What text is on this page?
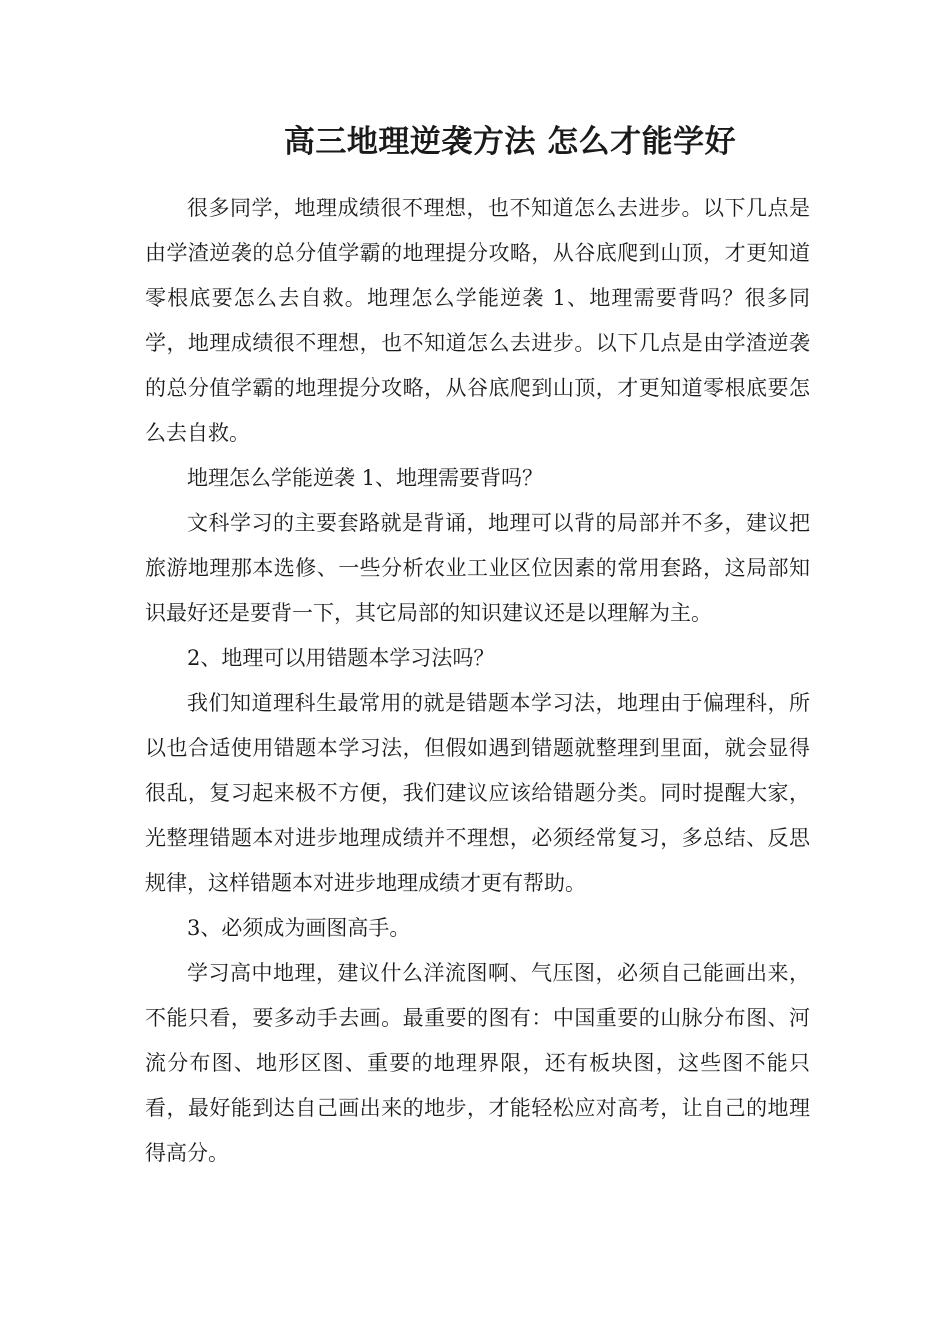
高三地理逆袭方法 怎么才能学好

很多同学，地理成绩很不理想，也不知道怎么去进步。以下几点是由学渣逆袭的总分值学霸的地理提分攻略，从谷底爬到山顶，才更知道零根底要怎么去自救。地理怎么学能逆袭 1、地理需要背吗？很多同学，地理成绩很不理想，也不知道怎么去进步。以下几点是由学渣逆袭的总分值学霸的地理提分攻略，从谷底爬到山顶，才更知道零根底要怎么去自救。

地理怎么学能逆袭 1、地理需要背吗？

文科学习的主要套路就是背诵，地理可以背的局部并不多，建议把旅游地理那本选修、一些分析农业工业区位因素的常用套路，这局部知识最好还是要背一下，其它局部的知识建议还是以理解为主。

2、地理可以用错题本学习法吗？

我们知道理科生最常用的就是错题本学习法，地理由于偏理科，所以也合适使用错题本学习法，但假如遇到错题就整理到里面，就会显得很乱，复习起来极不方便，我们建议应该给错题分类。同时提醒大家，光整理错题本对进步地理成绩并不理想，必须经常复习，多总结、反思规律，这样错题本对进步地理成绩才更有帮助。

3、必须成为画图高手。

学习高中地理，建议什么洋流图啊、气压图，必须自己能画出来，不能只看，要多动手去画。最重要的图有：中国重要的山脉分布图、河流分布图、地形区图、重要的地理界限，还有板块图，这些图不能只看，最好能到达自己画出来的地步，才能轻松应对高考，让自己的地理得高分。
